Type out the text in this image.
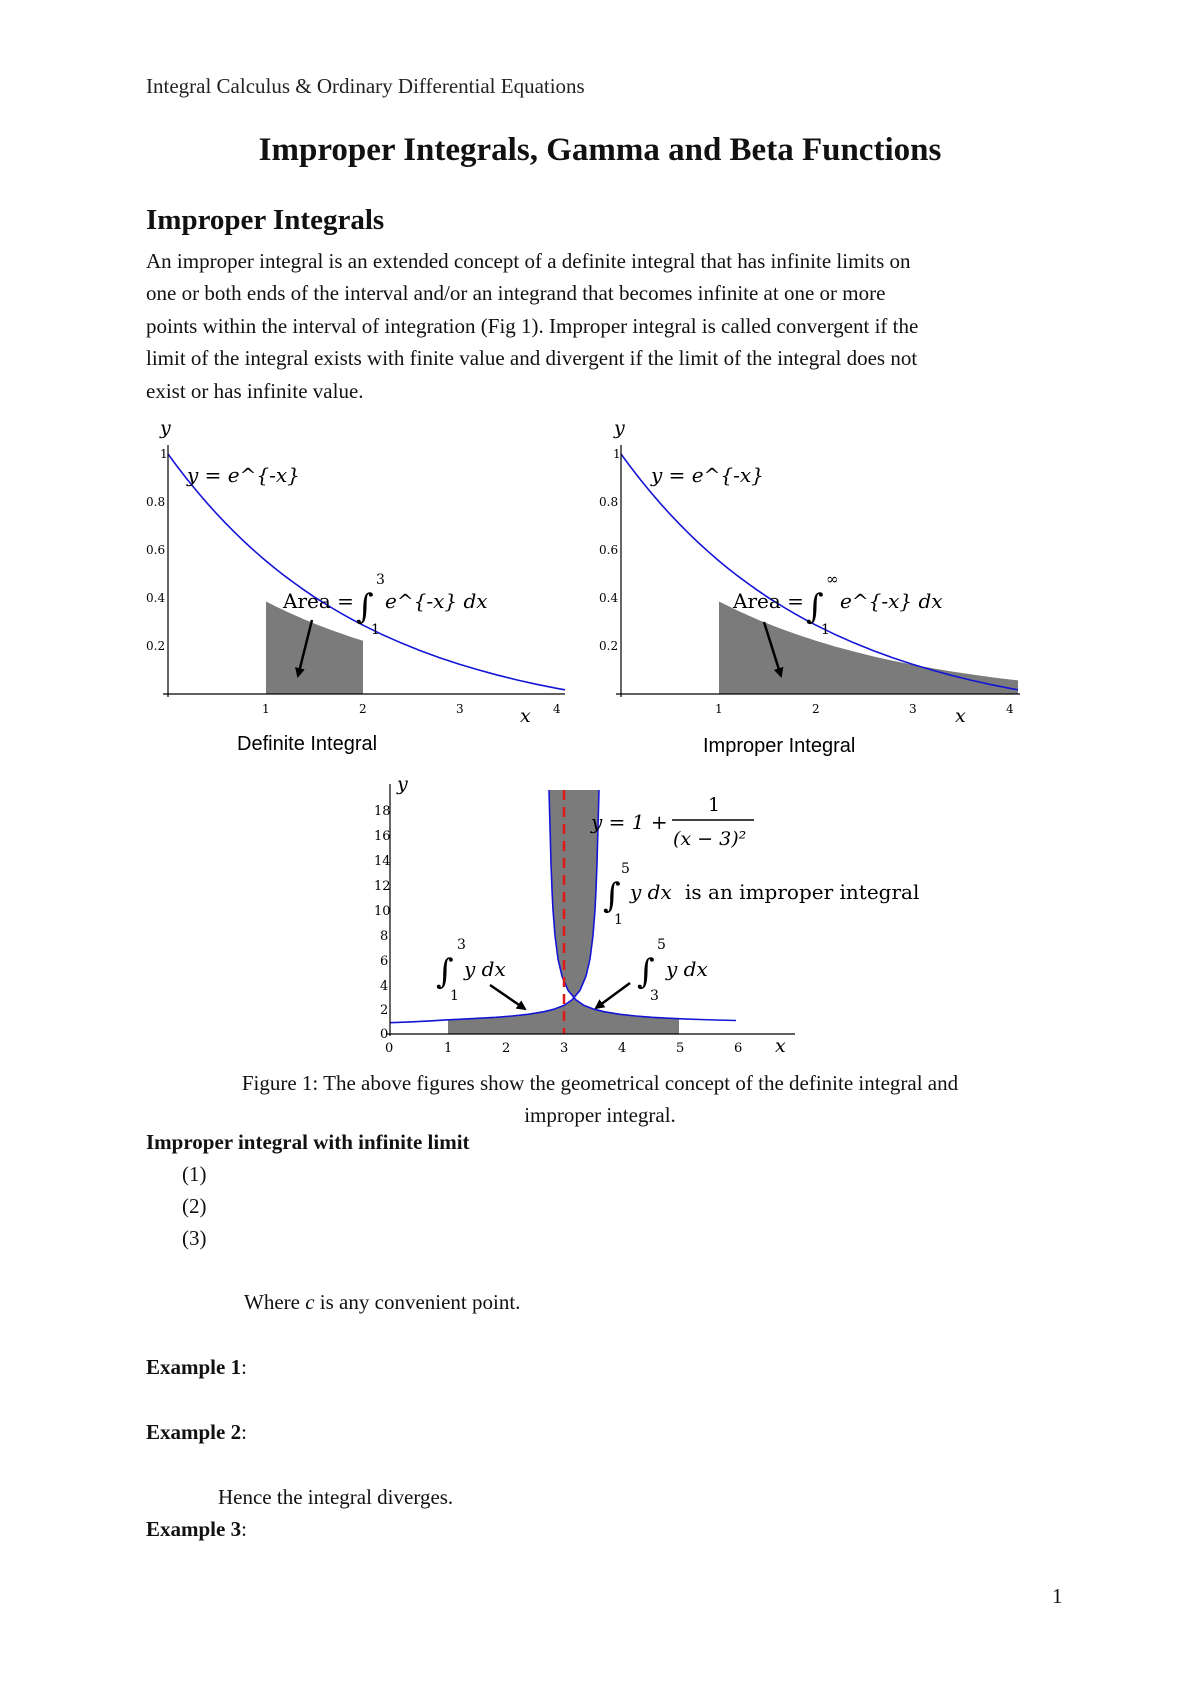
Integral Calculus & Ordinary Differential Equations
Improper Integrals, Gamma and Beta Functions
Improper Integrals
An improper integral is an extended concept of a definite integral that has infinite limits on
one or both ends of the interval and/or an integrand that becomes infinite at one or more
points within the interval of integration (Fig 1). Improper integral is called convergent if the
limit of the integral exists with finite value and divergent if the limit of the integral does not
exist or has infinite value.
y
x
1
0.8
0.6
0.4
0.2
1	2	3	4
y = e^{-x}
Area = ∫
3
1
e^{-x} dx
Definite Integral
y
x
1
0.8
0.6
0.4
0.2
1	2	3	4
y = e^{-x}
Area = ∫
∞
1
e^{-x} dx
Improper Integral
y
x
18
16
14
12
10
8
6
4
2
0
0	1	2	3	4	5	6
y = 1 +
1
(x − 3)²
∫
5
1
y dx is an improper integral
∫
3
1
y dx	∫
5
3
y dx
Figure 1: The above figures show the geometrical concept of the definite integral and
improper integral.
Improper integral with infinite limit
(1)
(2)
(3)
Where c is any convenient point.
Example 1:
Example 2:
Hence the integral diverges.
Example 3:
1
